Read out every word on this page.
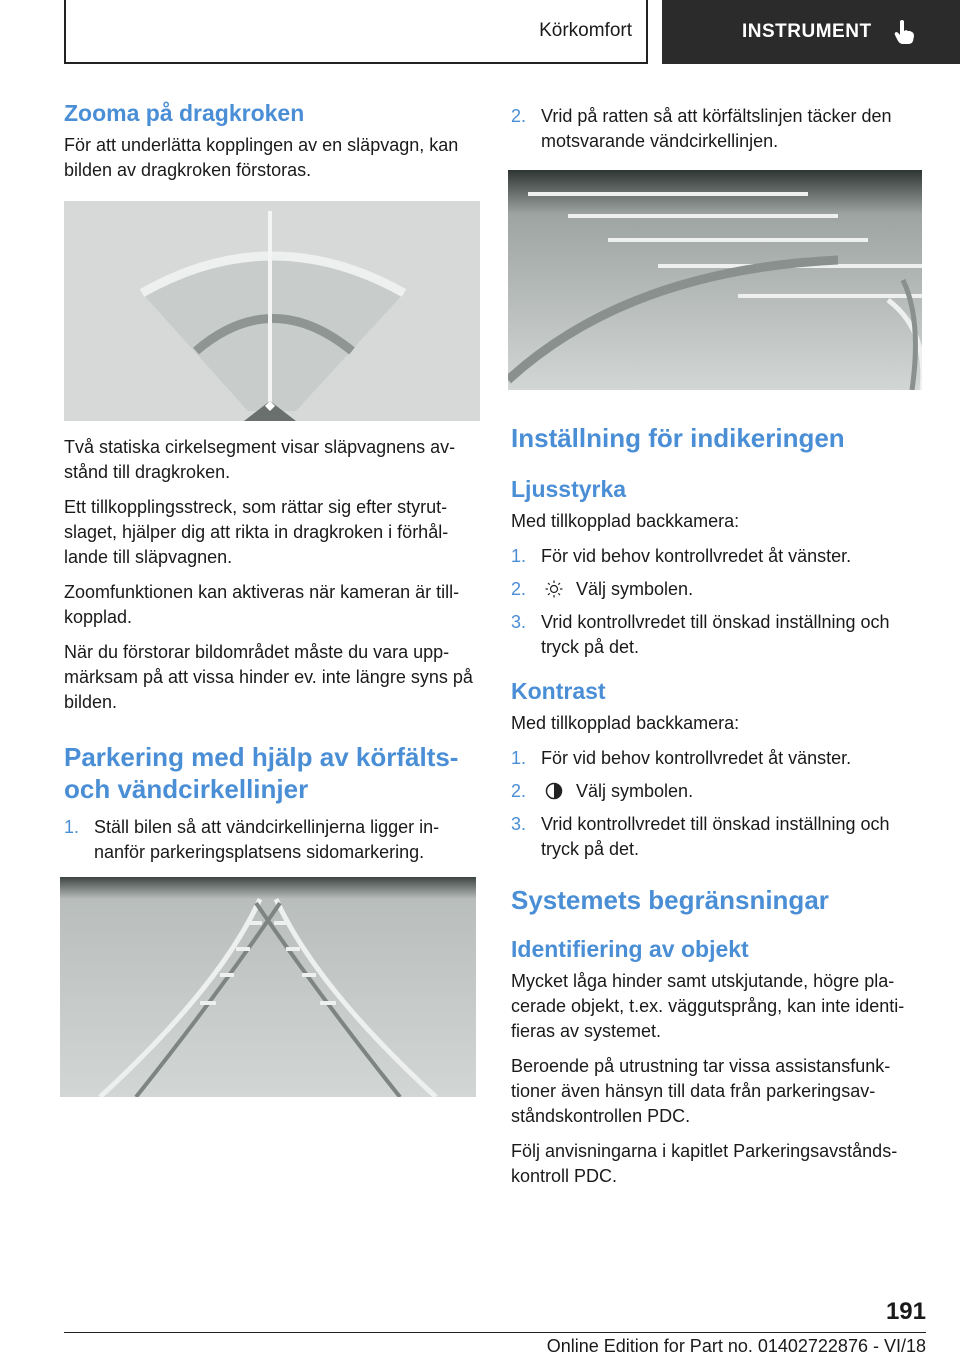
Körkomfort	INSTRUMENT
Zooma på dragkroken

För att underlätta kopplingen av en släpvagn, kan bilden av dragkroken förstoras.

Två statiska cirkelsegment visar släpvagnens av-stånd till dragkroken.

Ett tillkopplingsstreck, som rättar sig efter styrut-slaget, hjälper dig att rikta in dragkroken i förhål-lande till släpvagnen.

Zoomfunktionen kan aktiveras när kameran är till-kopplad.

När du förstorar bildområdet måste du vara upp-märksam på att vissa hinder ev. inte längre syns på bilden.

Parkering med hjälp av körfälts-och vändcirkellinjer
1. Ställ bilen så att vändcirkellinjerna ligger in-nanför parkeringsplatsens sidomarkering.
2. Vrid på ratten så att körfältslinjen täcker den motsvarande vändcirkellinjen.
Inställning för indikeringen
Ljusstyrka

Med tillkopplad backkamera:

1. För vid behov kontrollvredet åt vänster.
2.	Välj symbolen.
3. Vrid kontrollvredet till önskad inställning och tryck på det.
Kontrast

Med tillkopplad backkamera:

1. För vid behov kontrollvredet åt vänster.
2.	Välj symbolen.
3. Vrid kontrollvredet till önskad inställning och tryck på det.
Systemets begränsningar
Identifiering av objekt

Mycket låga hinder samt utskjutande, högre pla-cerade objekt, t.ex. väggutsprång, kan inte identi-fieras av systemet.

Beroende på utrustning tar vissa assistansfunk-tioner även hänsyn till data från parkeringsav-ståndskontrollen PDC.

Följ anvisningarna i kapitlet Parkeringsavstånds-kontroll PDC.

191
Online Edition for Part no. 01402722876 - VI/18
